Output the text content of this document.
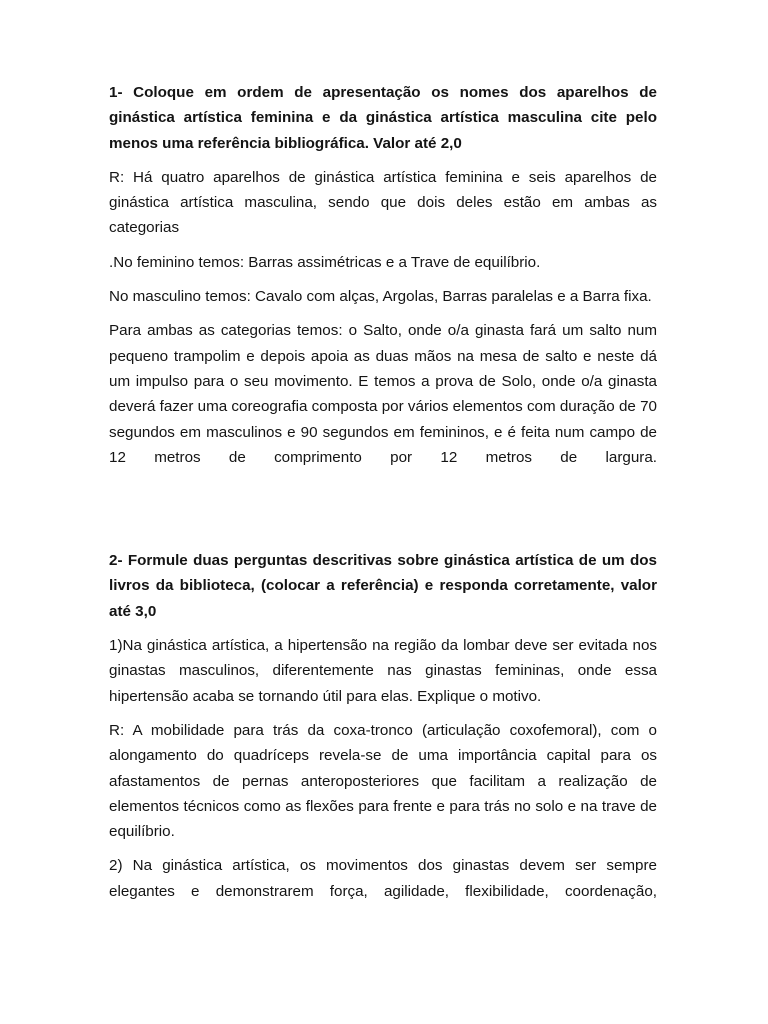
1- Coloque em ordem de apresentação os nomes dos aparelhos de ginástica artística feminina e da ginástica artística masculina cite pelo menos uma referência bibliográfica. Valor até 2,0

R: Há quatro aparelhos de ginástica artística feminina e seis aparelhos de ginástica artística masculina, sendo que dois deles estão em ambas as categorias

.No feminino temos: Barras assimétricas e a Trave de equilíbrio.

No masculino temos: Cavalo com alças, Argolas, Barras paralelas e a Barra fixa.

Para ambas as categorias temos: o Salto, onde o/a ginasta fará um salto num pequeno trampolim e depois apoia as duas mãos na mesa de salto e neste dá um impulso para o seu movimento. E temos a prova de Solo, onde o/a ginasta deverá fazer uma coreografia composta por vários elementos com duração de 70 segundos em masculinos e 90 segundos em femininos, e é feita num campo de 12 metros de comprimento por 12 metros de largura.

2- Formule duas perguntas descritivas sobre ginástica artística de um dos livros da biblioteca, (colocar a referência) e responda corretamente, valor até 3,0

1)Na ginástica artística, a hipertensão na região da lombar deve ser evitada nos ginastas masculinos, diferentemente nas ginastas femininas, onde essa hipertensão acaba se tornando útil para elas. Explique o motivo.

R: A mobilidade para trás da coxa-tronco (articulação coxofemoral), com o alongamento do quadríceps revela-se de uma importância capital para os afastamentos de pernas anteroposteriores que facilitam a realização de elementos técnicos como as flexões para frente e para trás no solo e na trave de equilíbrio.

2) Na ginástica artística, os movimentos dos ginastas devem ser sempre elegantes e demonstrarem força, agilidade, flexibilidade, coordenação,
